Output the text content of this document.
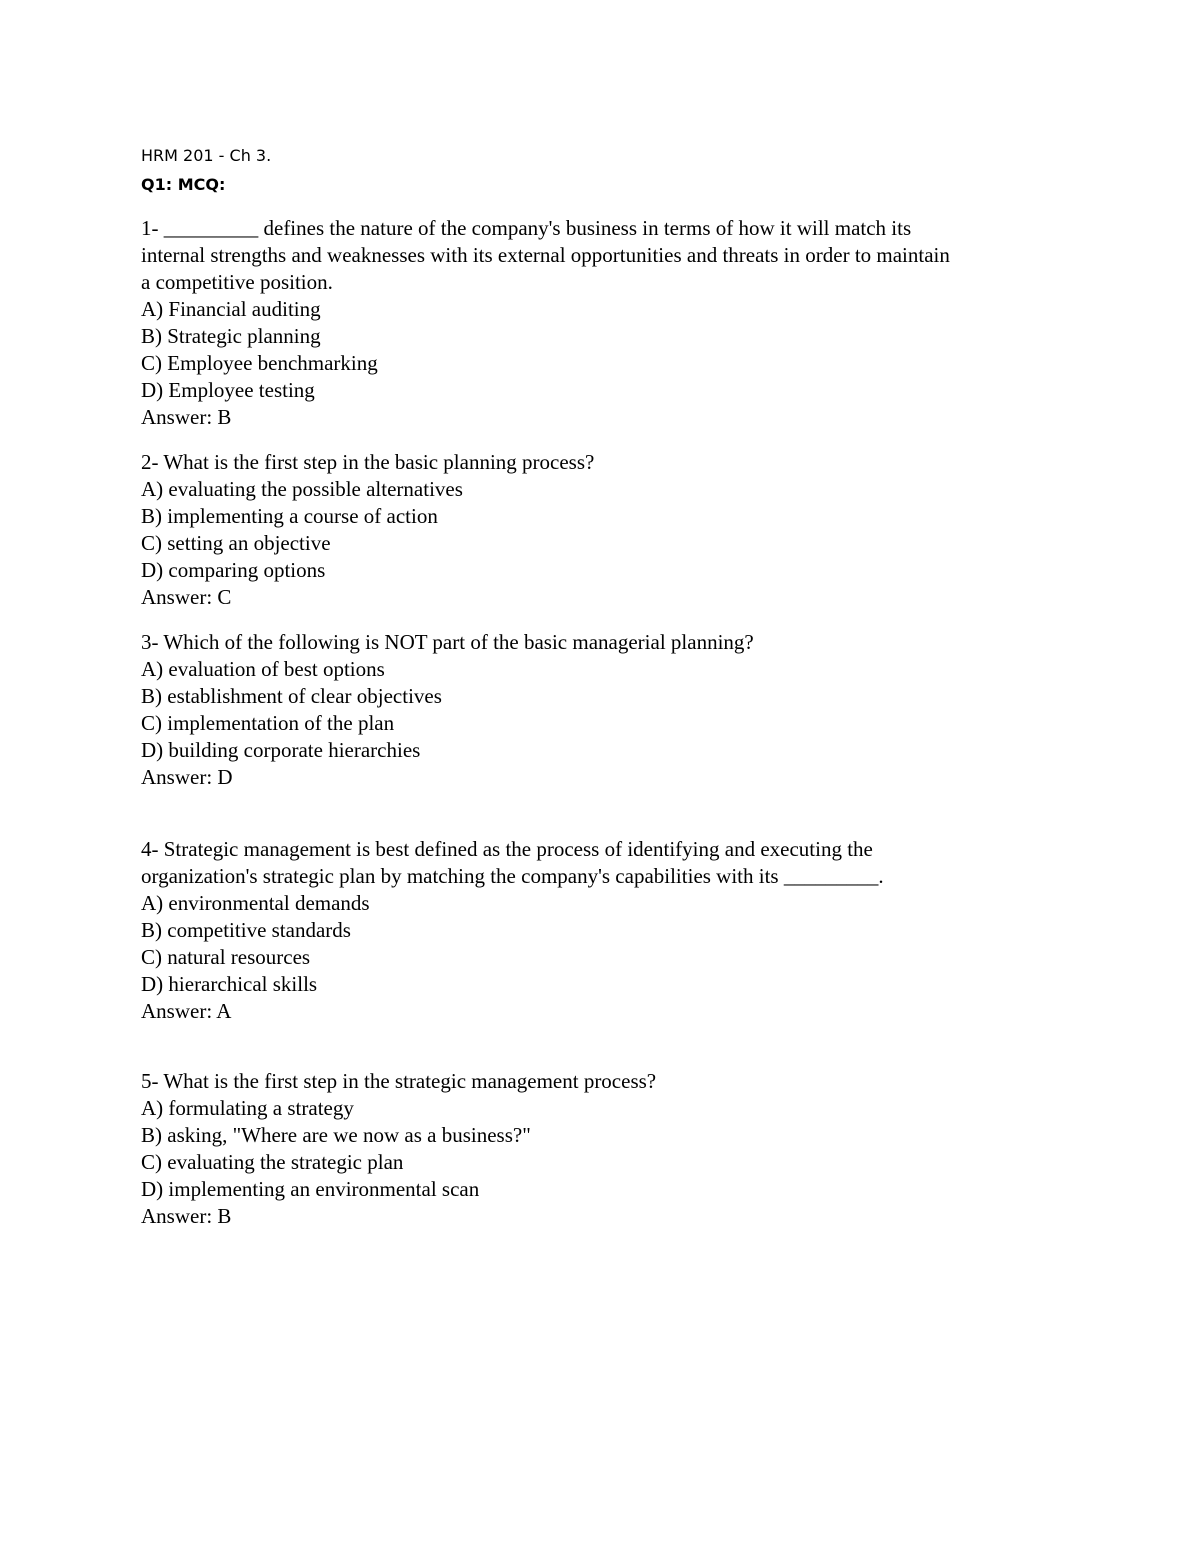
HRM 201 - Ch 3.
Q1: MCQ:
1- _________ defines the nature of the company's business in terms of how it will match its
internal strengths and weaknesses with its external opportunities and threats in order to maintain
a competitive position.
A) Financial auditing
B) Strategic planning
C) Employee benchmarking
D) Employee testing
Answer: B
2- What is the first step in the basic planning process?
A) evaluating the possible alternatives
B) implementing a course of action
C) setting an objective
D) comparing options
Answer: C
3- Which of the following is NOT part of the basic managerial planning?
A) evaluation of best options
B) establishment of clear objectives
C) implementation of the plan
D) building corporate hierarchies
Answer: D
4- Strategic management is best defined as the process of identifying and executing the
organization's strategic plan by matching the company's capabilities with its _________.
A) environmental demands
B) competitive standards
C) natural resources
D) hierarchical skills
Answer: A
5- What is the first step in the strategic management process?
A) formulating a strategy
B) asking, "Where are we now as a business?"
C) evaluating the strategic plan
D) implementing an environmental scan
Answer: B
